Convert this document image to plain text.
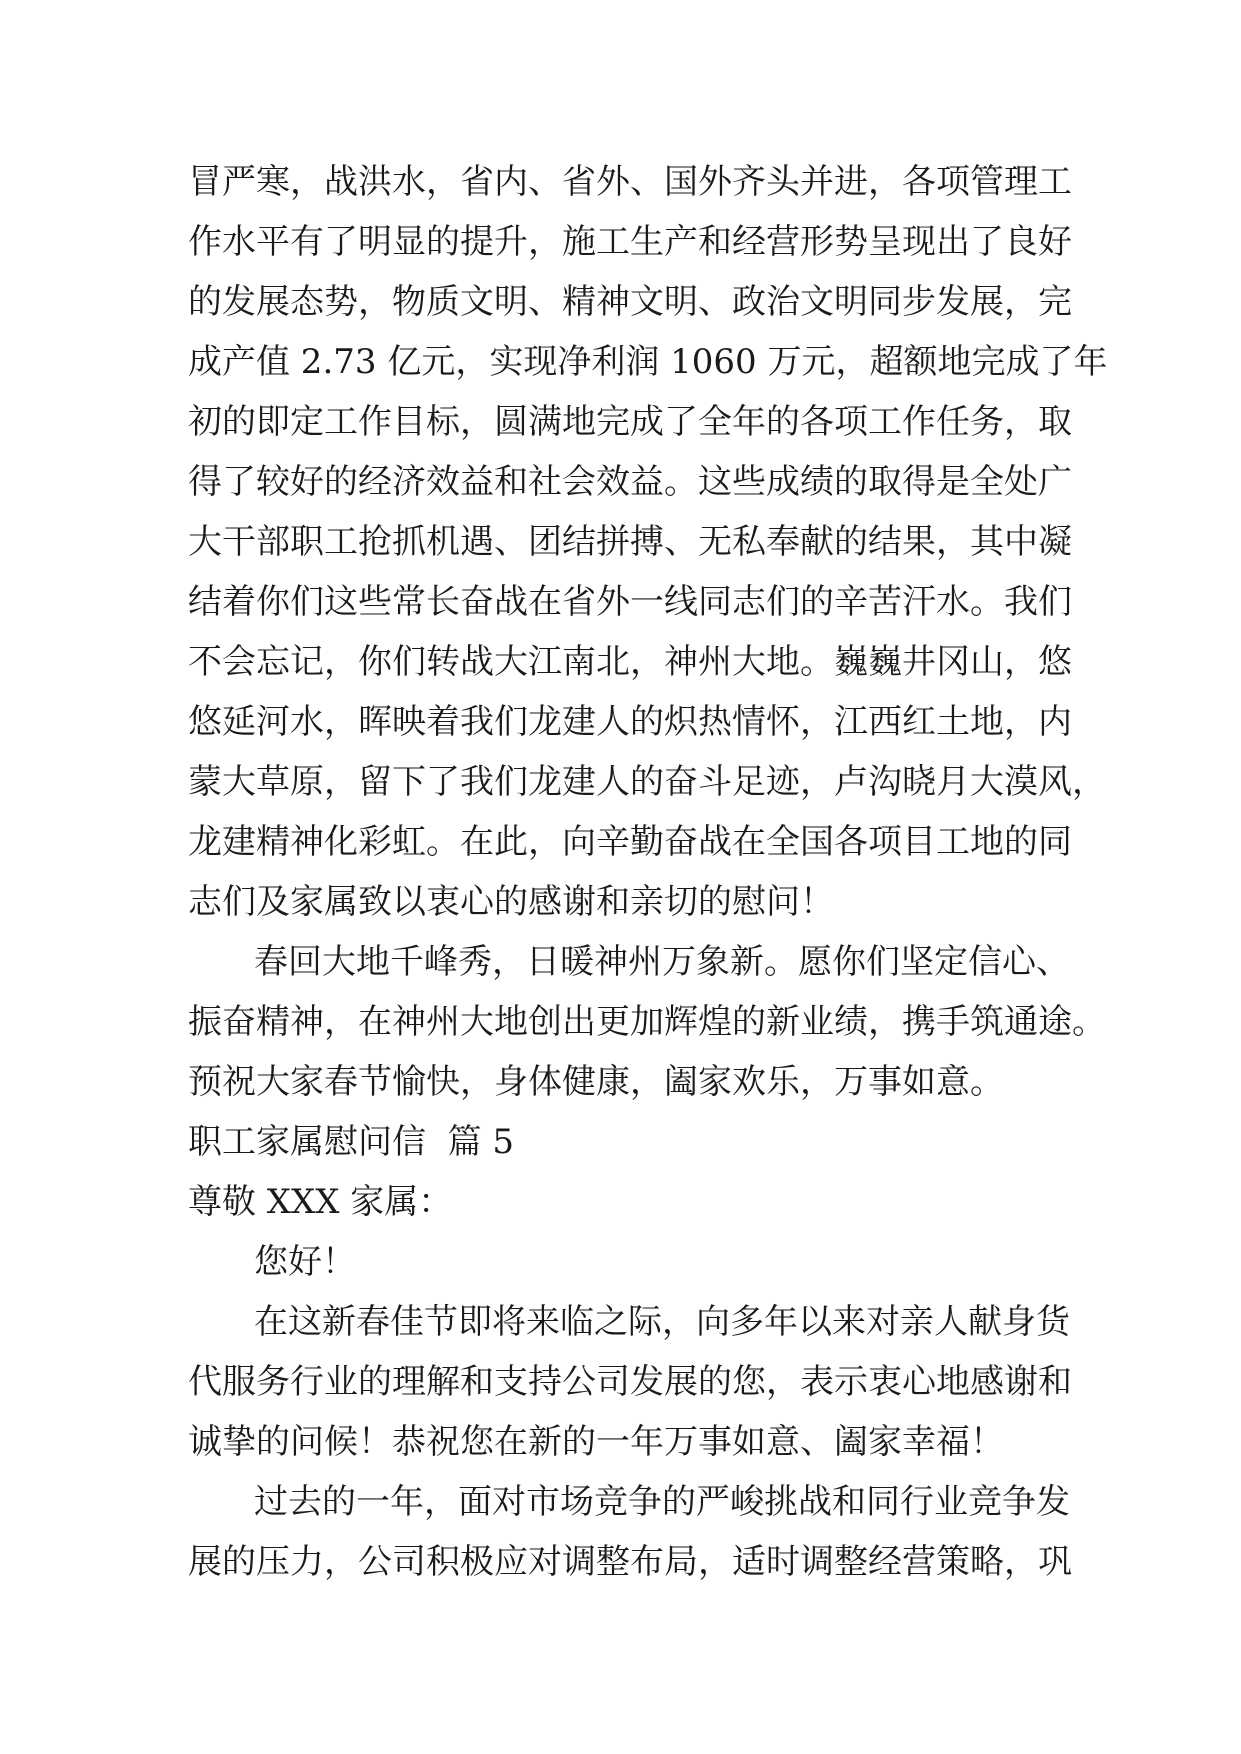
冒严寒，战洪水，省内、省外、国外齐头并进，各项管理工
作水平有了明显的提升，施工生产和经营形势呈现出了良好
的发展态势，物质文明、精神文明、政治文明同步发展，完
成产值 2.73 亿元，实现净利润 1060 万元，超额地完成了年
初的即定工作目标，圆满地完成了全年的各项工作任务，取
得了较好的经济效益和社会效益。这些成绩的取得是全处广
大干部职工抢抓机遇、团结拼搏、无私奉献的结果，其中凝
结着你们这些常长奋战在省外一线同志们的辛苦汗水。我们
不会忘记，你们转战大江南北，神州大地。巍巍井冈山，悠
悠延河水，晖映着我们龙建人的炽热情怀，江西红土地，内
蒙大草原，留下了我们龙建人的奋斗足迹，卢沟晓月大漠风，
龙建精神化彩虹。在此，向辛勤奋战在全国各项目工地的同
志们及家属致以衷心的感谢和亲切的慰问！
春回大地千峰秀，日暖神州万象新。愿你们坚定信心、
振奋精神，在神州大地创出更加辉煌的新业绩，携手筑通途。
预祝大家春节愉快，身体健康，阖家欢乐，万事如意。
职工家属慰问信  篇 5
尊敬 XXX 家属：
您好！
在这新春佳节即将来临之际，向多年以来对亲人献身货
代服务行业的理解和支持公司发展的您，表示衷心地感谢和
诚挚的问候！恭祝您在新的一年万事如意、阖家幸福！
过去的一年，面对市场竞争的严峻挑战和同行业竞争发
展的压力，公司积极应对调整布局，适时调整经营策略，巩
